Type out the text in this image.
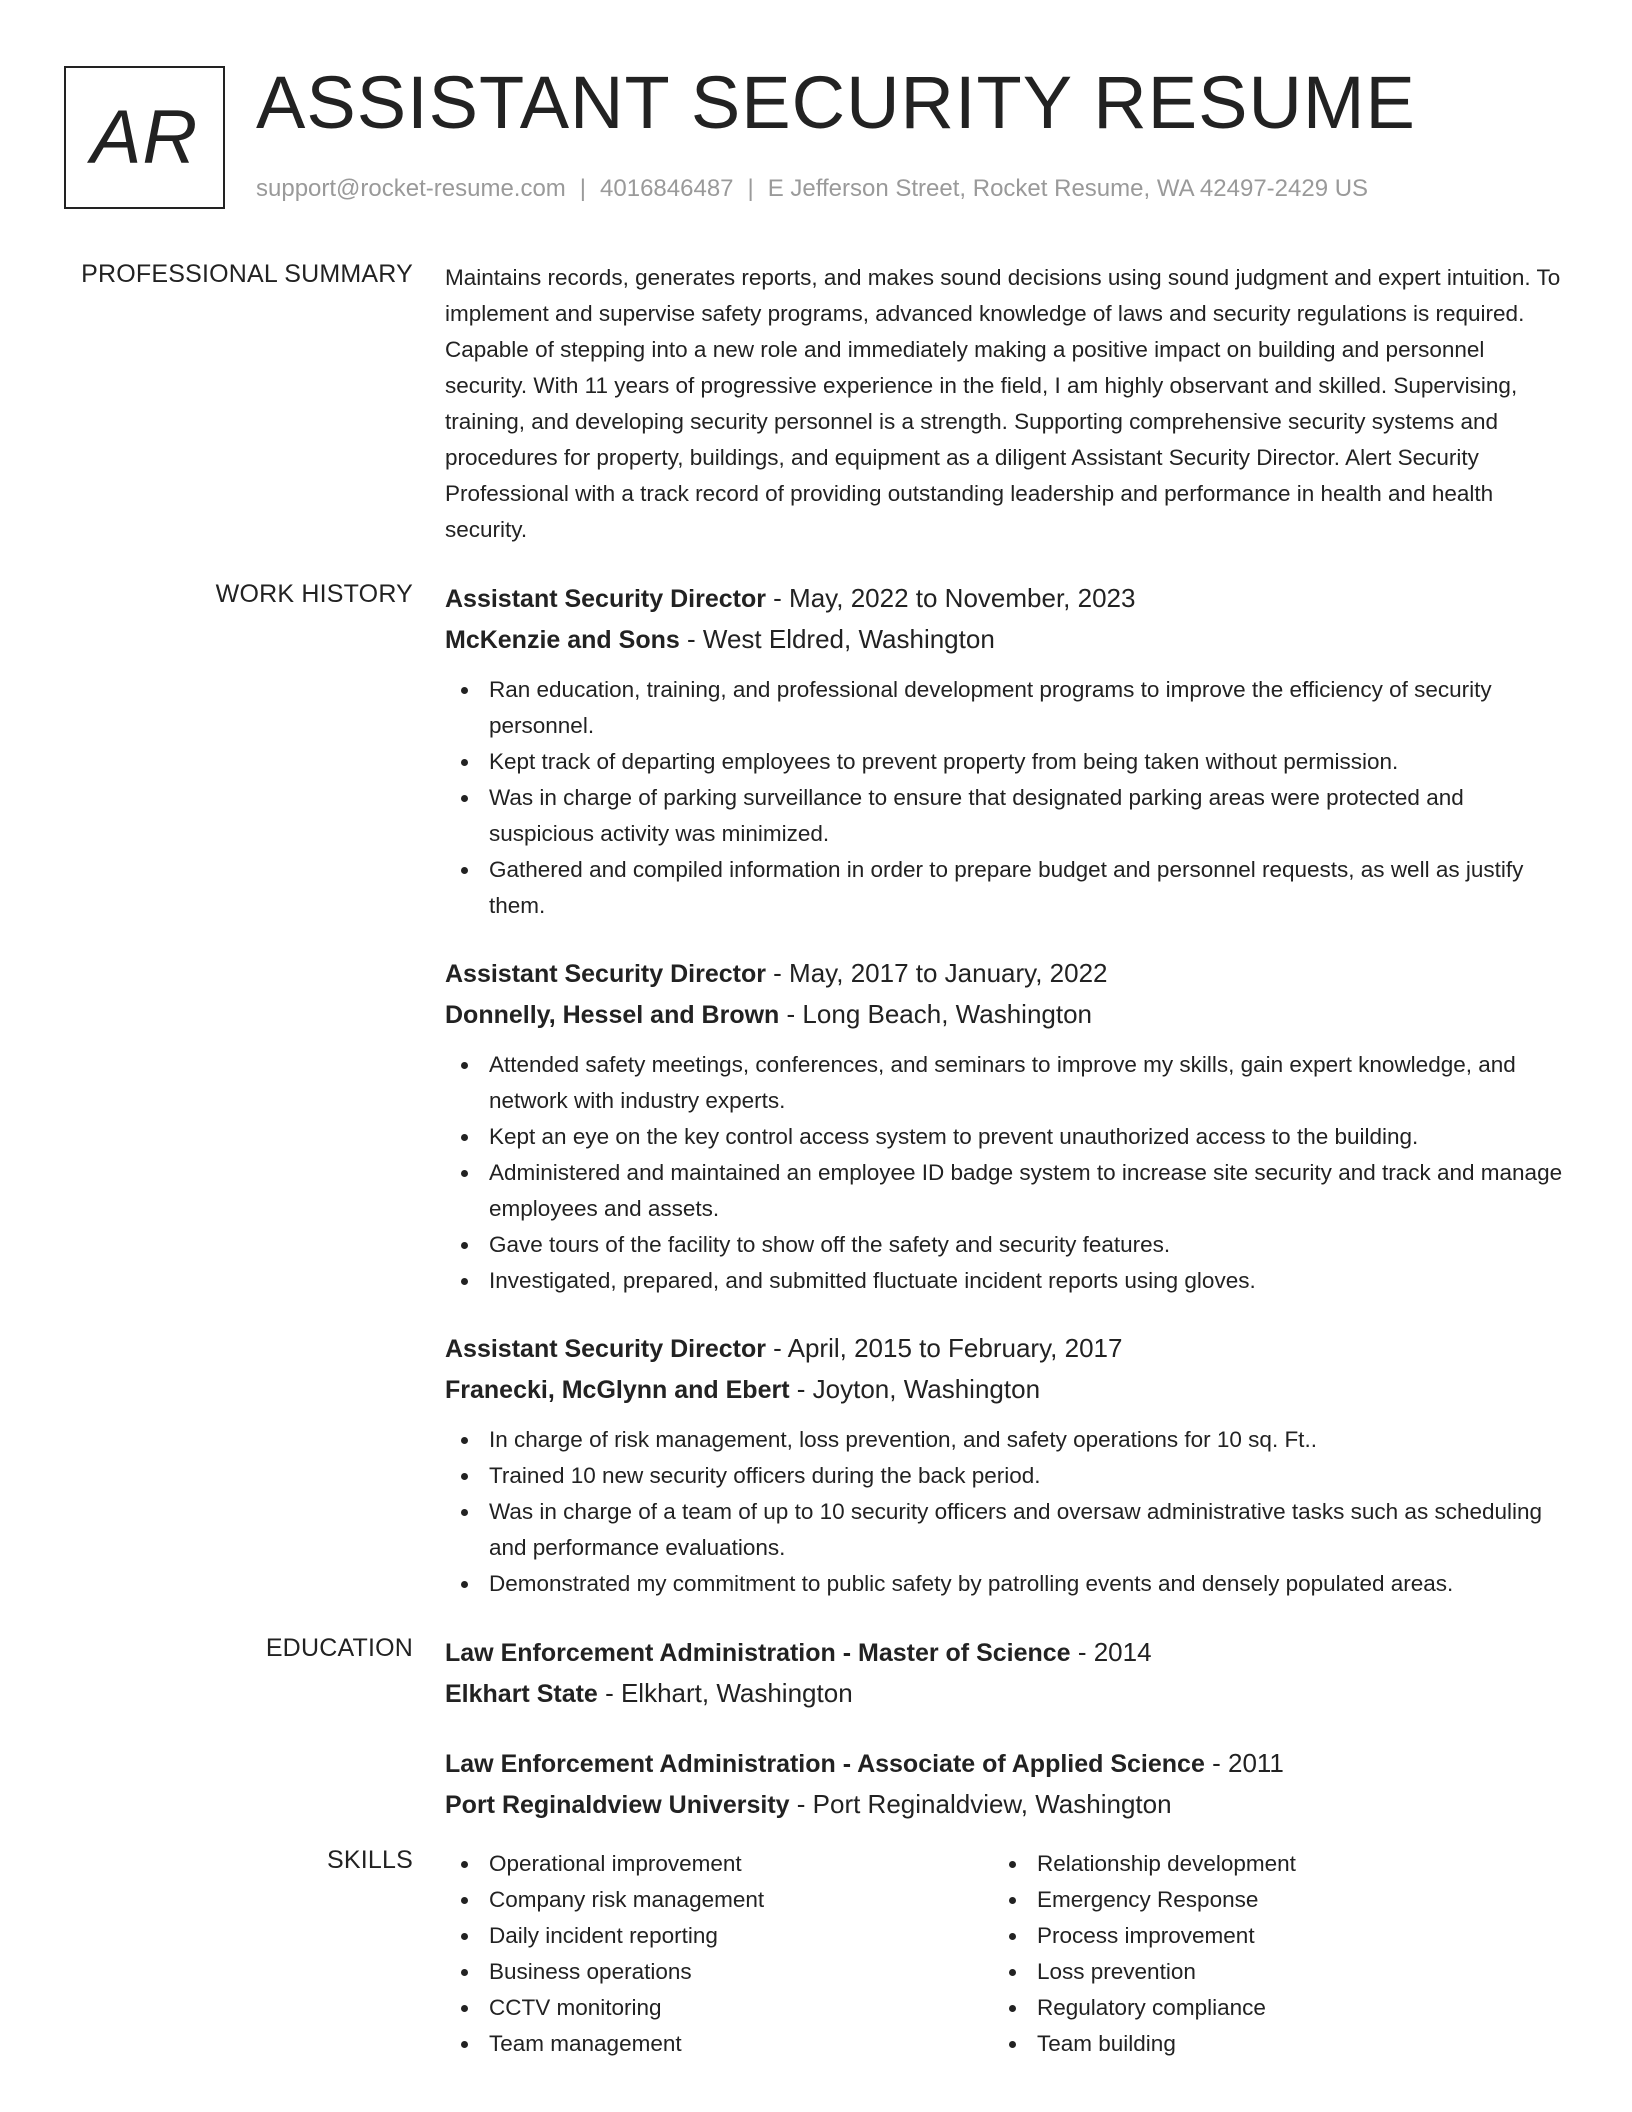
AR ASSISTANT SECURITY RESUME
support@rocket-resume.com | 4016846487 | E Jefferson Street, Rocket Resume, WA 42497-2429 US
PROFESSIONAL SUMMARY Maintains records, generates reports, and makes sound decisions using sound judgment and expert intuition. To implement and supervise safety programs, advanced knowledge of laws and security regulations is required. Capable of stepping into a new role and immediately making a positive impact on building and personnel security. With 11 years of progressive experience in the field, I am highly observant and skilled. Supervising, training, and developing security personnel is a strength. Supporting comprehensive security systems and procedures for property, buildings, and equipment as a diligent Assistant Security Director. Alert Security Professional with a track record of providing outstanding leadership and performance in health and health security.

WORK HISTORY Assistant Security Director - May, 2022 to November, 2023
McKenzie and Sons - West Eldred, Washington
Ran education, training, and professional development programs to improve the efficiency of security personnel.
Kept track of departing employees to prevent property from being taken without permission.
Was in charge of parking surveillance to ensure that designated parking areas were protected and suspicious activity was minimized.
Gathered and compiled information in order to prepare budget and personnel requests, as well as justify them.
Assistant Security Director - May, 2017 to January, 2022
Donnelly, Hessel and Brown - Long Beach, Washington
Attended safety meetings, conferences, and seminars to improve my skills, gain expert knowledge, and network with industry experts.
Kept an eye on the key control access system to prevent unauthorized access to the building.
Administered and maintained an employee ID badge system to increase site security and track and manage employees and assets.
Gave tours of the facility to show off the safety and security features.
Investigated, prepared, and submitted fluctuate incident reports using gloves.
Assistant Security Director - April, 2015 to February, 2017
Franecki, McGlynn and Ebert - Joyton, Washington
In charge of risk management, loss prevention, and safety operations for 10 sq. Ft..
Trained 10 new security officers during the back period.
Was in charge of a team of up to 10 security officers and oversaw administrative tasks such as scheduling and performance evaluations.
Demonstrated my commitment to public safety by patrolling events and densely populated areas.
EDUCATION Law Enforcement Administration - Master of Science - 2014
Elkhart State - Elkhart, Washington
Law Enforcement Administration - Associate of Applied Science - 2011
Port Reginaldview University - Port Reginaldview, Washington
SKILLS	Operational improvement
Company risk management
Daily incident reporting
Business operations
CCTV monitoring
Team management
Relationship development
Emergency Response
Process improvement
Loss prevention
Regulatory compliance
Team building
